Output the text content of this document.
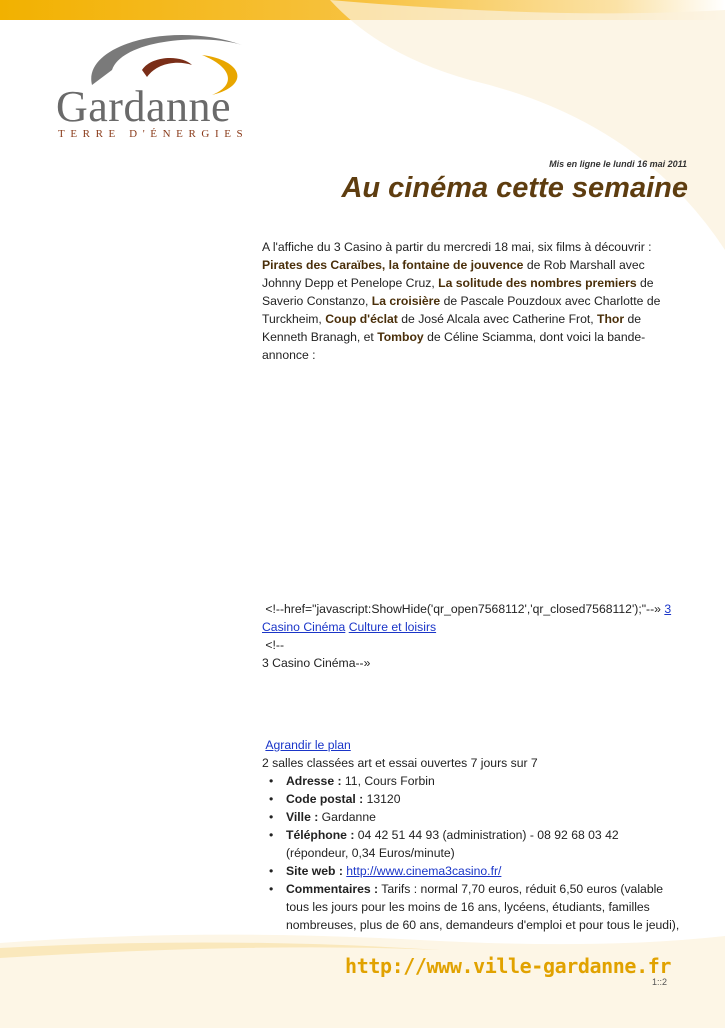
Gardanne
TERRE D'ÉNERGIES
Mis en ligne le lundi 16 mai 2011
Au cinéma cette semaine
A l'affiche du 3 Casino à partir du mercredi 18 mai, six films à découvrir : Pirates des Caraïbes, la fontaine de jouvence de Rob Marshall avec Johnny Depp et Penelope Cruz, La solitude des nombres premiers de Saverio Constanzo, La croisière de Pascale Pouzdoux avec Charlotte de Turckheim, Coup d'éclat de José Alcala avec Catherine Frot, Thor de Kenneth Branagh, et Tomboy de Céline Sciamma, dont voici la bande-annonce :
<!--href="javascript:ShowHide('qr_open7568112','qr_closed7568112');"--» 3 Casino Cinéma Culture et loisirs
<!--
3 Casino Cinéma--»
Agrandir le plan
2 salles classées art et essai ouvertes 7 jours sur 7
• Adresse : 11, Cours Forbin
• Code postal : 13120
• Ville : Gardanne
• Téléphone : 04 42 51 44 93 (administration) - 08 92 68 03 42 (répondeur, 0,34 Euros/minute)
• Site web : http://www.cinema3casino.fr/
• Commentaires : Tarifs : normal 7,70 euros, réduit 6,50 euros (valable tous les jours pour les moins de 16 ans, lycéens, étudiants, familles nombreuses, plus de 60 ans, demandeurs d'emploi et pour tous le jeudi),
http://www.ville-gardanne.fr
1::2
